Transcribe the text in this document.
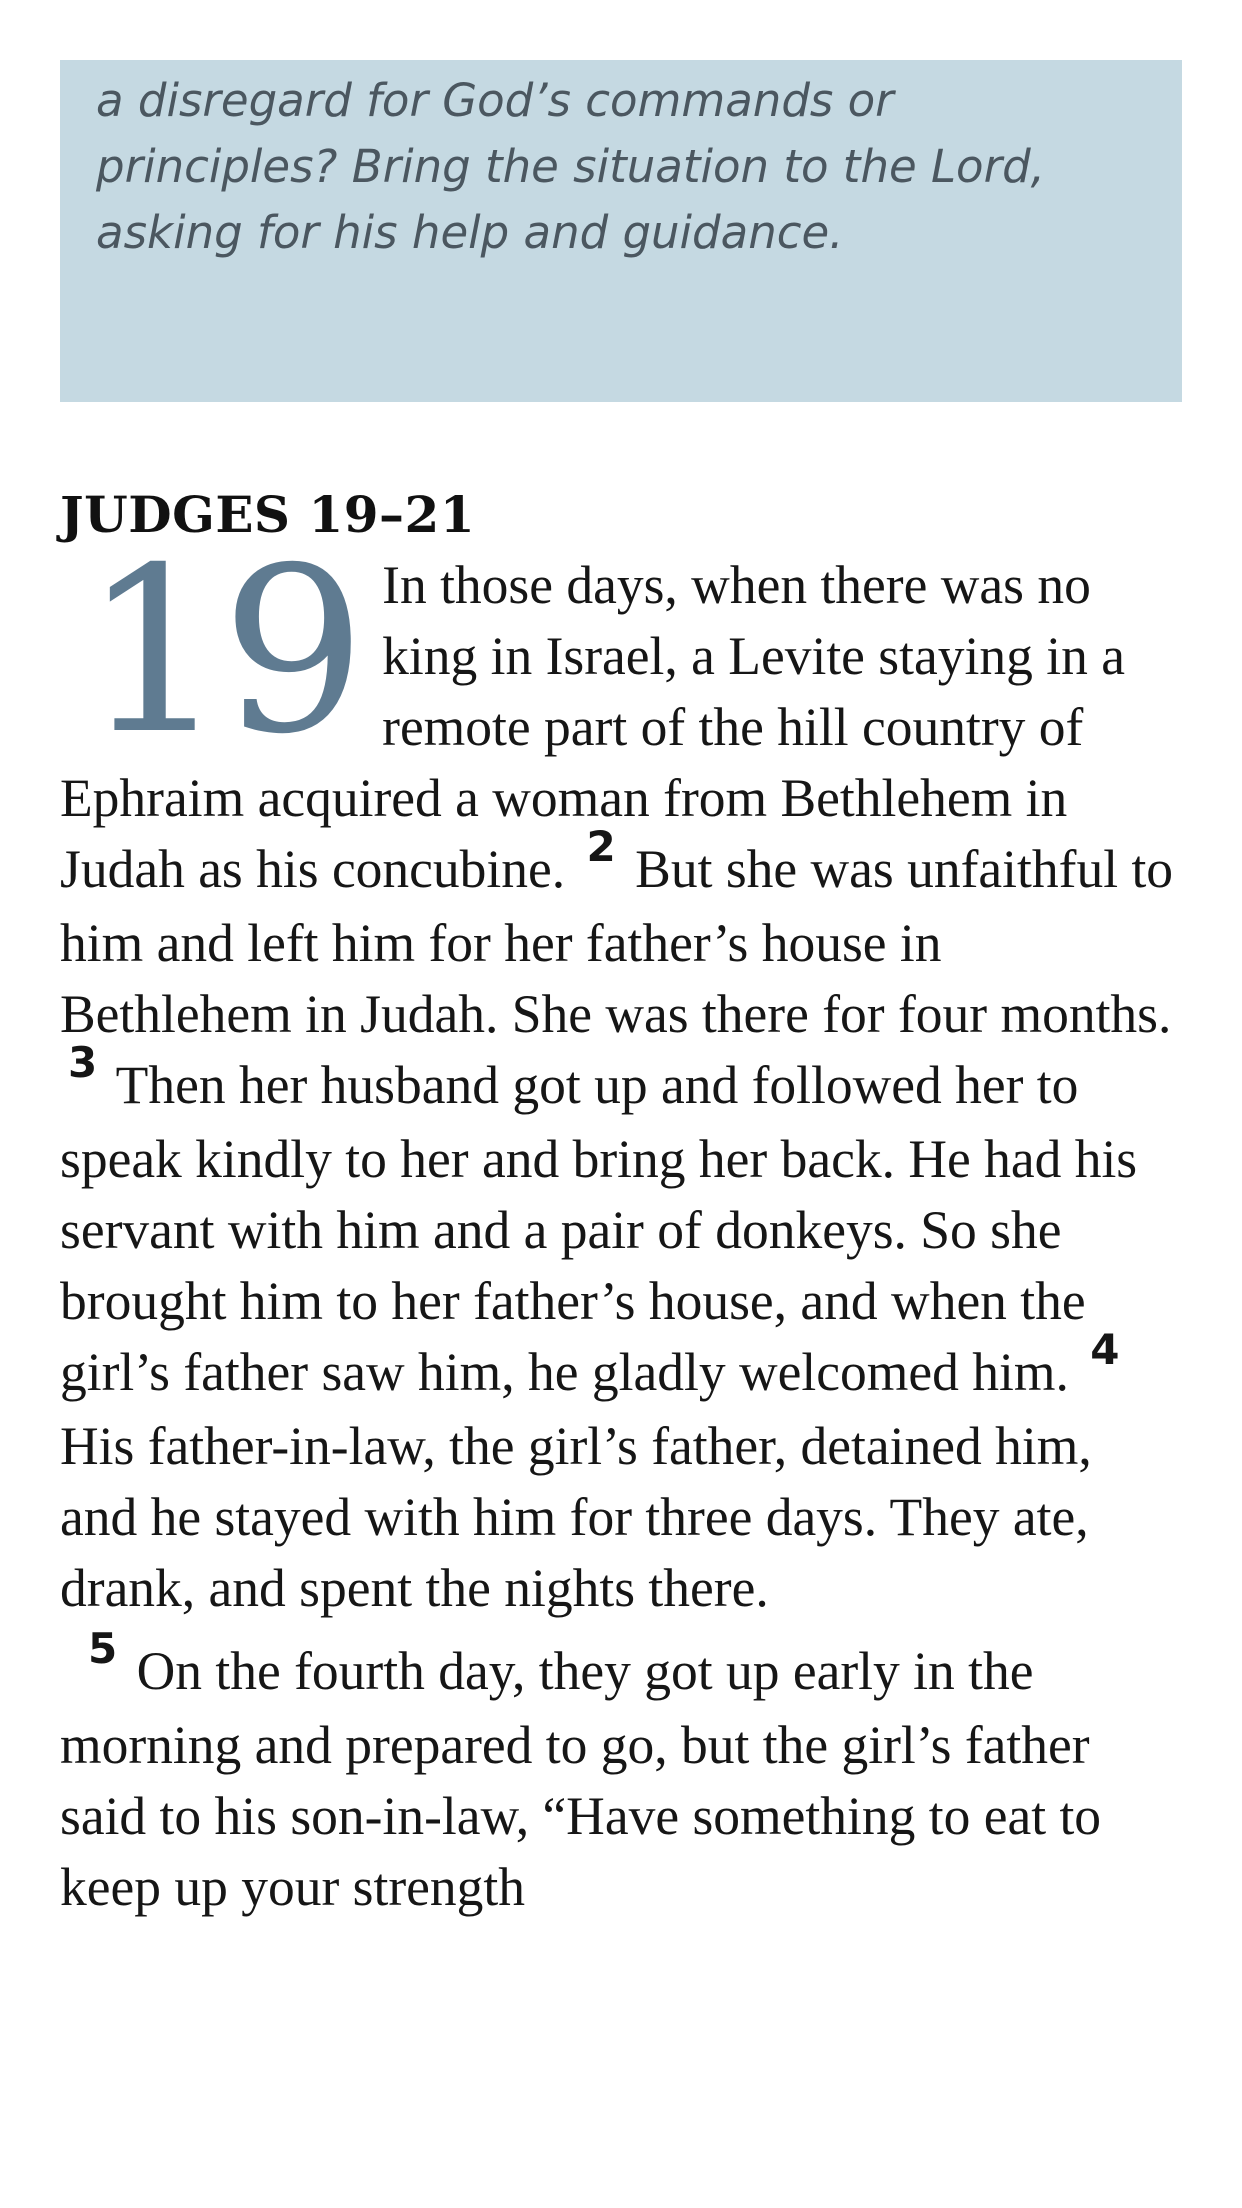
a disregard for God’s commands or principles? Bring the situation to the Lord, asking for his help and guidance.

JUDGES 19–21

19 In those days, when there was no king in Israel, a Levite staying in a remote part of the hill country of Ephraim acquired a woman from Bethlehem in Judah as his concubine. $^2$ But she was unfaithful to him and left him for her father’s house in Bethlehem in Judah. She was there for four months. $^3$ Then her husband got up and followed her to speak kindly to her and bring her back. He had his servant with him and a pair of donkeys. So she brought him to her father’s house, and when the girl’s father saw him, he gladly welcomed him. $^4$ His father-in-law, the girl’s father, detained him, and he stayed with him for three days. They ate, drank, and spent the nights there.

$^5$ On the fourth day, they got up early in the morning and prepared to go, but the girl’s father said to his son-in-law, “Have something to eat to keep up your strength
